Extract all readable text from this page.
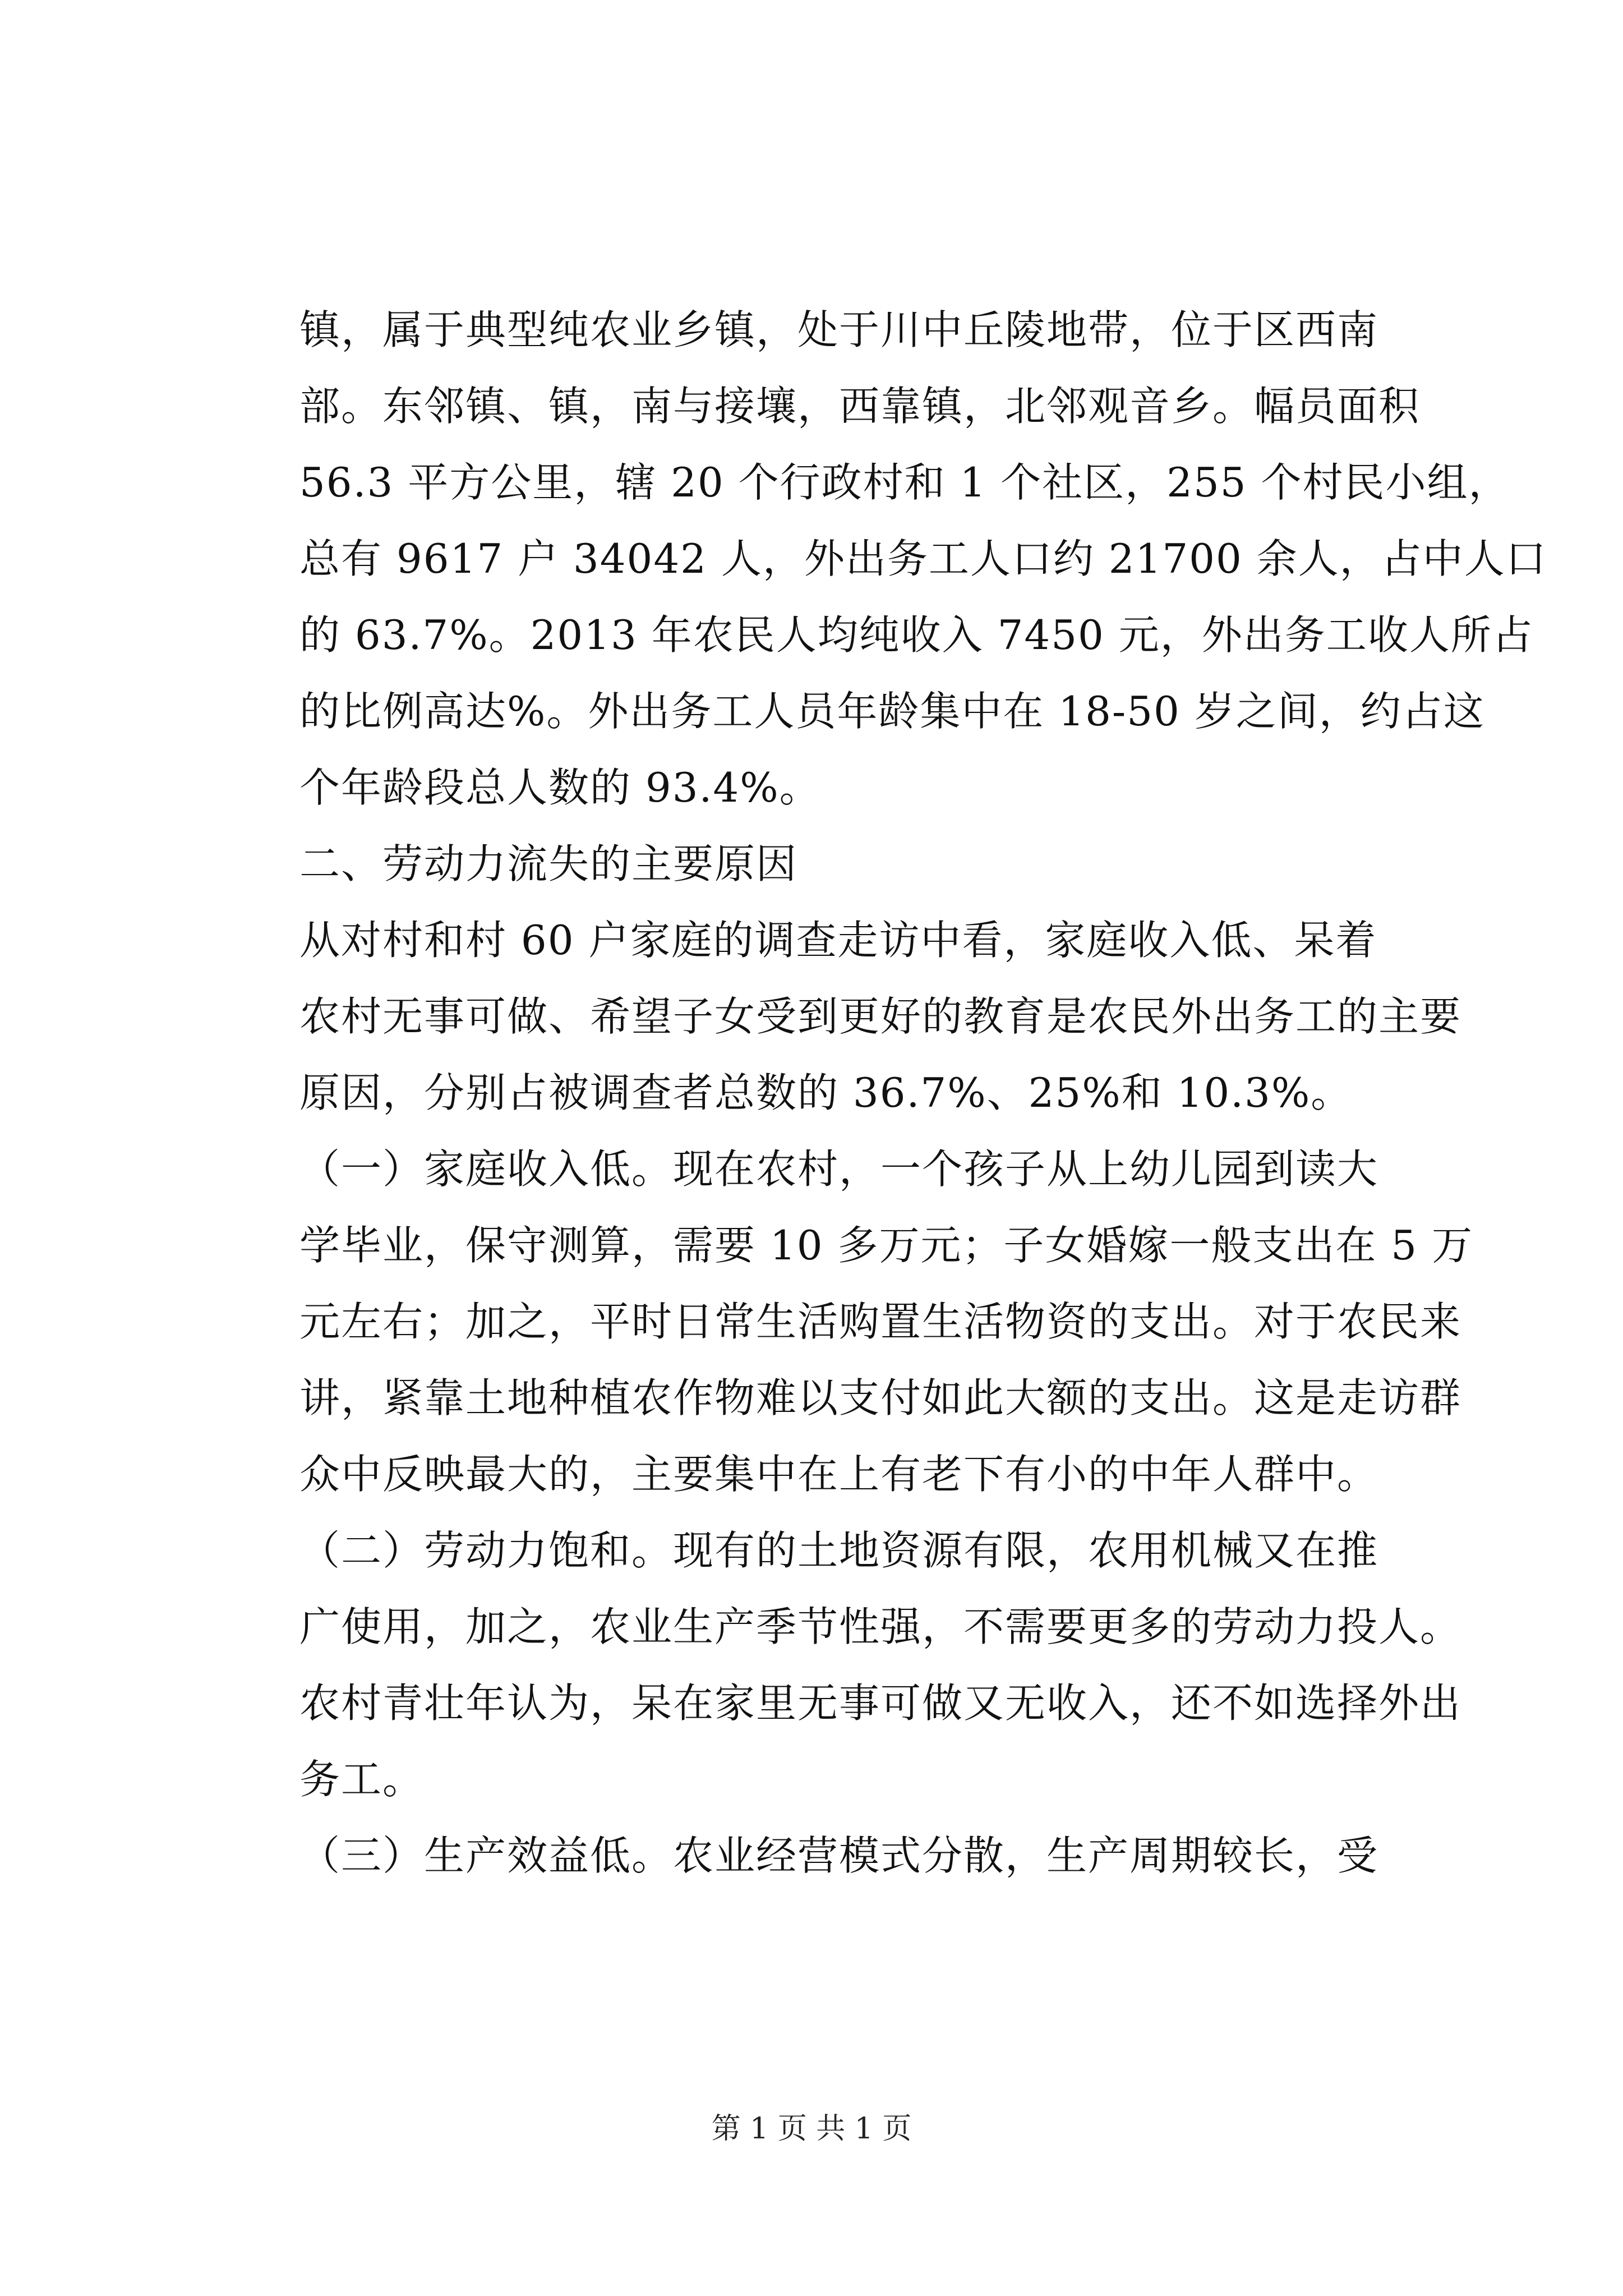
镇，属于典型纯农业乡镇，处于川中丘陵地带，位于区西南
部。东邻镇、镇，南与接壤，西靠镇，北邻观音乡。幅员面积
56.3 平方公里，辖 20 个行政村和 1 个社区，255 个村民小组，
总有 9617 户 34042 人，外出务工人口约 21700 余人，占中人口
的 63.7%。2013 年农民人均纯收入 7450 元，外出务工收人所占
的比例高达%。外出务工人员年龄集中在 18-50 岁之间，约占这
个年龄段总人数的 93.4%。

二、劳动力流失的主要原因

从对村和村 60 户家庭的调查走访中看，家庭收入低、呆着
农村无事可做、希望子女受到更好的教育是农民外出务工的主要
原因，分别占被调查者总数的 36.7%、25%和 10.3%。

（一）家庭收入低。现在农村，一个孩子从上幼儿园到读大
学毕业，保守测算，需要 10 多万元；子女婚嫁一般支出在 5 万
元左右；加之，平时日常生活购置生活物资的支出。对于农民来
讲，紧靠土地种植农作物难以支付如此大额的支出。这是走访群
众中反映最大的，主要集中在上有老下有小的中年人群中。

（二）劳动力饱和。现有的土地资源有限，农用机械又在推
广使用，加之，农业生产季节性强，不需要更多的劳动力投人。
农村青壮年认为，呆在家里无事可做又无收入，还不如选择外出
务工。

（三）生产效益低。农业经营模式分散，生产周期较长，受

第 1 页 共 1 页
